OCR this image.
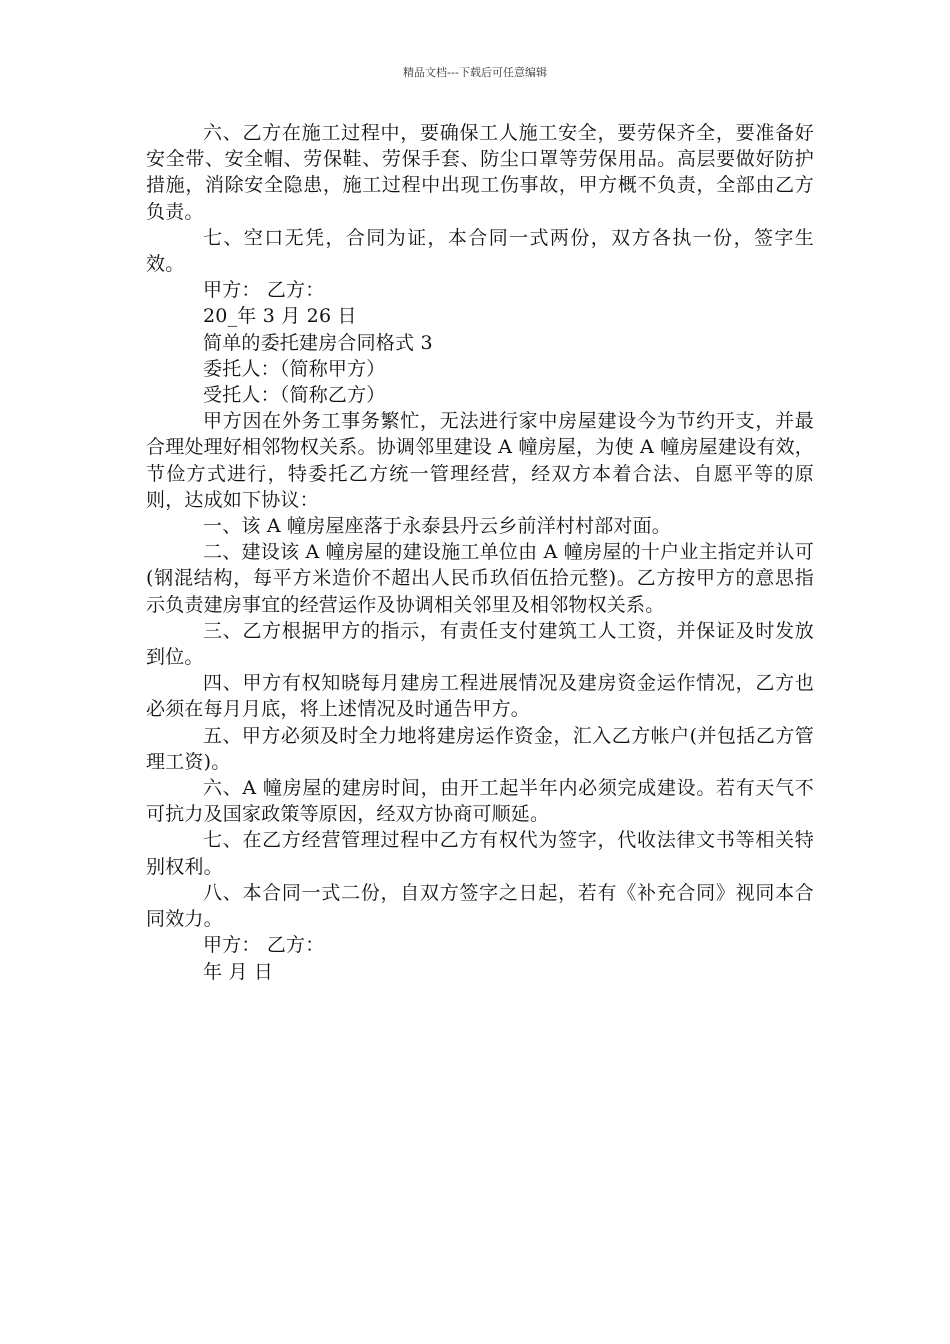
精品文档---下载后可任意编辑

六、乙方在施工过程中，要确保工人施工安全，要劳保齐全，要准备好安全带、安全帽、劳保鞋、劳保手套、防尘口罩等劳保用品。高层要做好防护措施，消除安全隐患，施工过程中出现工伤事故，甲方概不负责，全部由乙方负责。

七、空口无凭，合同为证，本合同一式两份，双方各执一份，签字生效。

甲方： 乙方：

20_年 3 月 26 日

简单的委托建房合同格式 3

委托人：（简称甲方）

受托人：（简称乙方）

甲方因在外务工事务繁忙，无法进行家中房屋建设今为节约开支，并最合理处理好相邻物权关系。协调邻里建设 A 幢房屋，为使 A 幢房屋建设有效，节俭方式进行，特委托乙方统一管理经营，经双方本着合法、自愿平等的原则，达成如下协议：

一、该 A 幢房屋座落于永泰县丹云乡前洋村村部对面。

二、建设该 A 幢房屋的建设施工单位由 A 幢房屋的十户业主指定并认可(钢混结构，每平方米造价不超出人民币玖佰伍拾元整)。乙方按甲方的意思指示负责建房事宜的经营运作及协调相关邻里及相邻物权关系。

三、乙方根据甲方的指示，有责任支付建筑工人工资，并保证及时发放到位。

四、甲方有权知晓每月建房工程进展情况及建房资金运作情况，乙方也必须在每月月底，将上述情况及时通告甲方。

五、甲方必须及时全力地将建房运作资金，汇入乙方帐户(并包括乙方管理工资)。

六、A 幢房屋的建房时间，由开工起半年内必须完成建设。若有天气不可抗力及国家政策等原因，经双方协商可顺延。

七、在乙方经营管理过程中乙方有权代为签字，代收法律文书等相关特别权利。

八、本合同一式二份，自双方签字之日起，若有《补充合同》视同本合同效力。

甲方： 乙方：

年 月 日
